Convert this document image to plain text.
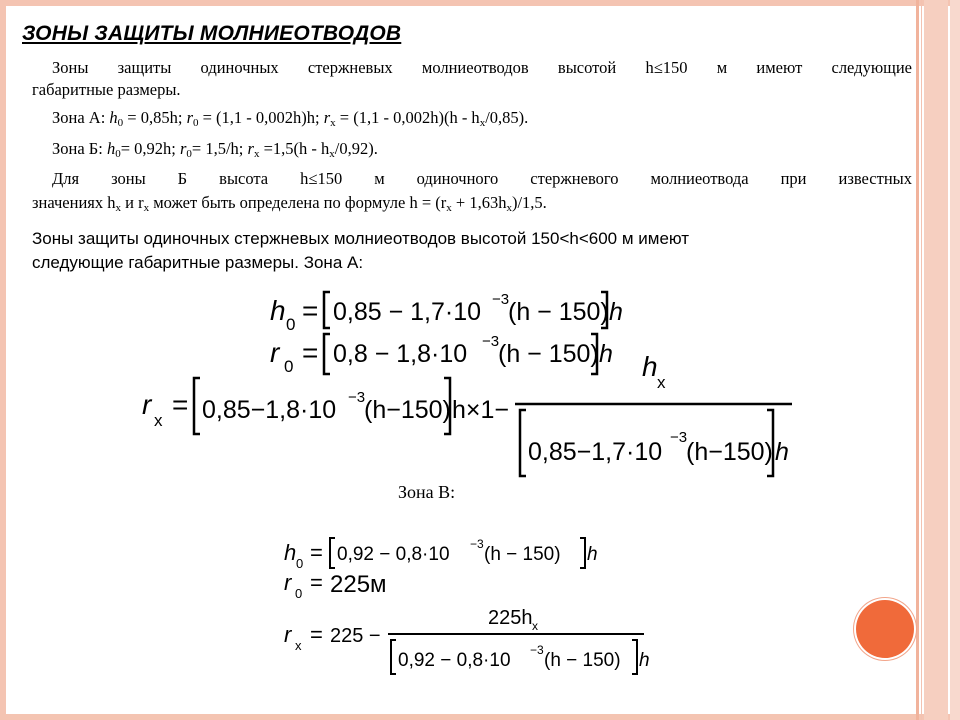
ЗОНЫ ЗАЩИТЫ МОЛНИЕОТВОДОВ
Зоны защиты одиночных стержневых молниеотводов высотой h≤150 м имеют следующие
габаритные размеры.
Зона А: $h_0 = 0,85h$; $r_0 = (1,1 - 0,002h)h$; $r_x = (1,1 - 0,002h)(h - h_x/0,85)$.
Зона Б: $h_0= 0,92h$; $r_0= 1,5/h$; $r_x =1,5(h - h_x/0,92)$.
Для зоны Б высота h≤150 м одиночного стержневого молниеотвода при известных
значениях $h_x$ и $r_x$ может быть определена по формуле $h = (r_x + 1,63h_x)/1,5$.
Зоны защиты одиночных стержневых молниеотводов высотой 150<h<600 м имеют
следующие габаритные размеры. Зона А:
h 0 = 0,85 − 1,7·10 −3
(h − 150) h
r 0 = 0,8 − 1,8·10 −3
(h − 150) h
r
x
= 0,85−1,8·10 −3
(h−150) h×1−
h
x
0,85−1,7·10
−3
(h−150) h
Зона В:
h 0 = 0,92 − 0,8·10 −3 (h − 150) h
r 0 = 225м
r x = 225 −
225h x
0,92 − 0,8·10 −3 (h − 150) h
